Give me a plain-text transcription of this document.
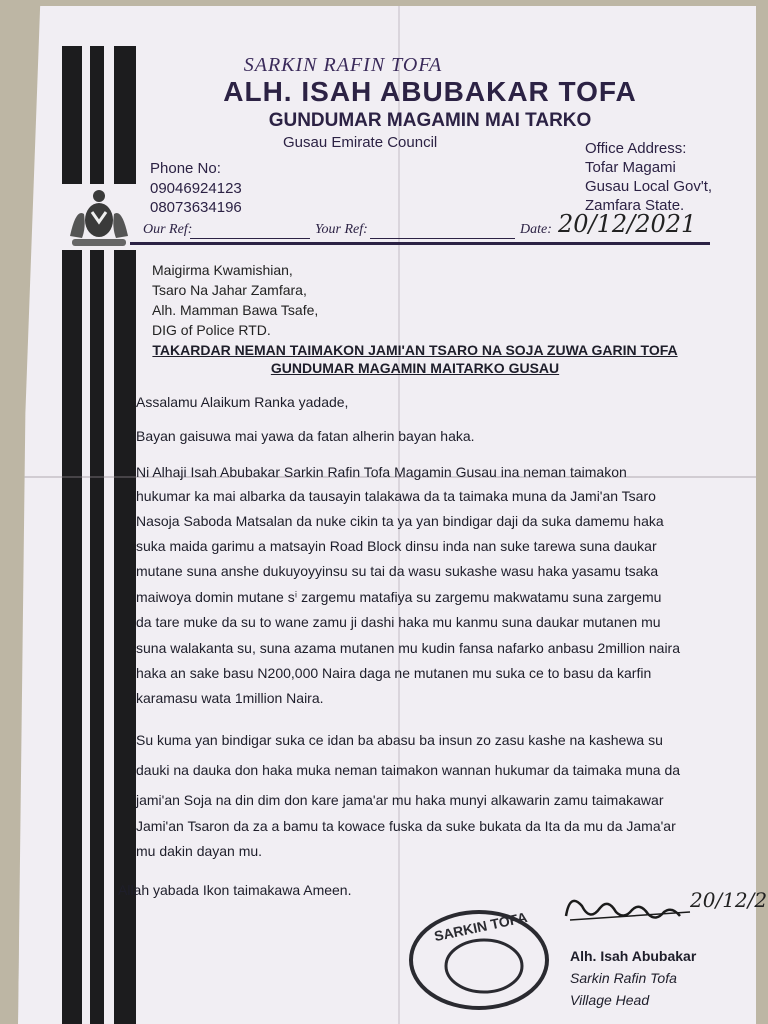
SARKIN RAFIN TOFA
ALH. ISAH ABUBAKAR TOFA
GUNDUMAR MAGAMIN MAI TARKO
Gusau Emirate Council
Phone No:
09046924123
08073634196
Office Address:
Tofar Magami
Gusau Local Gov't,
Zamfara State.
Our Ref:	Your Ref:	Date: 20/12/2021
Maigirma Kwamishian,
Tsaro Na Jahar Zamfara,
Alh. Mamman Bawa Tsafe,
DIG of Police RTD.
TAKARDAR NEMAN TAIMAKON JAMI'AN TSARO NA SOJA ZUWA GARIN TOFA
GUNDUMAR MAGAMIN MAITARKO GUSAU
Assalamu Alaikum Ranka yadade,
Bayan gaisuwa mai yawa da fatan alherin bayan haka.
Ni Alhaji Isah Abubakar Sarkin Rafin Tofa Magamin Gusau ina neman taimakon
hukumar ka mai albarka da tausayin talakawa da ta taimaka muna da Jami'an Tsaro
Nasoja Saboda Matsalan da nuke cikin ta ya yan bindigar daji da suka damemu haka
suka maida garimu a matsayin Road Block dinsu inda nan suke tarewa suna daukar
mutane suna anshe dukuyoyyinsu su tai da wasu sukashe wasu haka yasamu tsaka
maiwoya domin mutane sⁱ zargemu matafiya su zargemu makwatamu suna zargemu
da tare muke da su to wane zamu ji dashi haka mu kanmu suna daukar mutanen mu
suna walakanta su, suna azama mutanen mu kudin fansa nafarko anbasu 2million naira
haka an sake basu N200,000 Naira daga ne mutanen mu suka ce to basu da karfin
karamasu wata 1million Naira.
Su kuma yan bindigar suka ce idan ba abasu ba insun zo zasu kashe na kashewa su
dauki na dauka don haka muka neman taimakon wannan hukumar da taimaka muna da
jami'an Soja na din dim don kare jama'ar mu haka munyi alkawarin zamu taimakawar
Jami'an Tsaron da za a bamu ta kowace fuska da suke bukata da Ita da mu da Jama'ar
mu dakin dayan mu.
Allah yabada Ikon taimakawa Ameen.	20/12/2
SARKIN TOFA
Alh. Isah Abubakar
Sarkin Rafin Tofa
Village Head
